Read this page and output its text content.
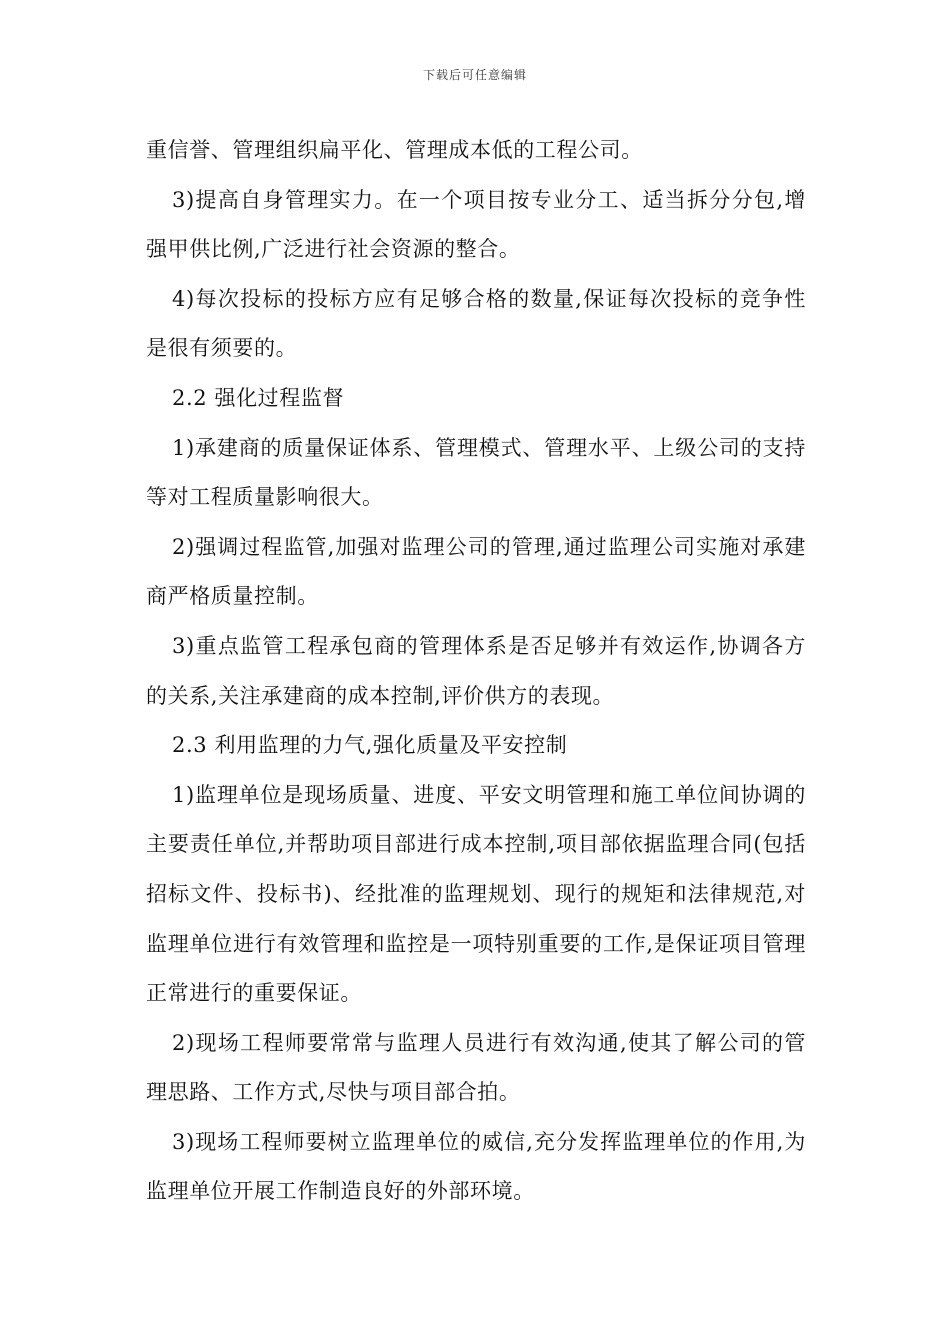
下载后可任意编辑

重信誉、管理组织扁平化、管理成本低的工程公司。

3)提高自身管理实力。在一个项目按专业分工、适当拆分分包,增强甲供比例,广泛进行社会资源的整合。

4)每次投标的投标方应有足够合格的数量,保证每次投标的竞争性是很有须要的。

2.2 强化过程监督

1)承建商的质量保证体系、管理模式、管理水平、上级公司的支持等对工程质量影响很大。

2)强调过程监管,加强对监理公司的管理,通过监理公司实施对承建商严格质量控制。

3)重点监管工程承包商的管理体系是否足够并有效运作,协调各方的关系,关注承建商的成本控制,评价供方的表现。

2.3 利用监理的力气,强化质量及平安控制

1)监理单位是现场质量、进度、平安文明管理和施工单位间协调的主要责任单位,并帮助项目部进行成本控制,项目部依据监理合同(包括招标文件、投标书)、经批准的监理规划、现行的规矩和法律规范,对监理单位进行有效管理和监控是一项特别重要的工作,是保证项目管理正常进行的重要保证。

2)现场工程师要常常与监理人员进行有效沟通,使其了解公司的管理思路、工作方式,尽快与项目部合拍。

3)现场工程师要树立监理单位的威信,充分发挥监理单位的作用,为监理单位开展工作制造良好的外部环境。
